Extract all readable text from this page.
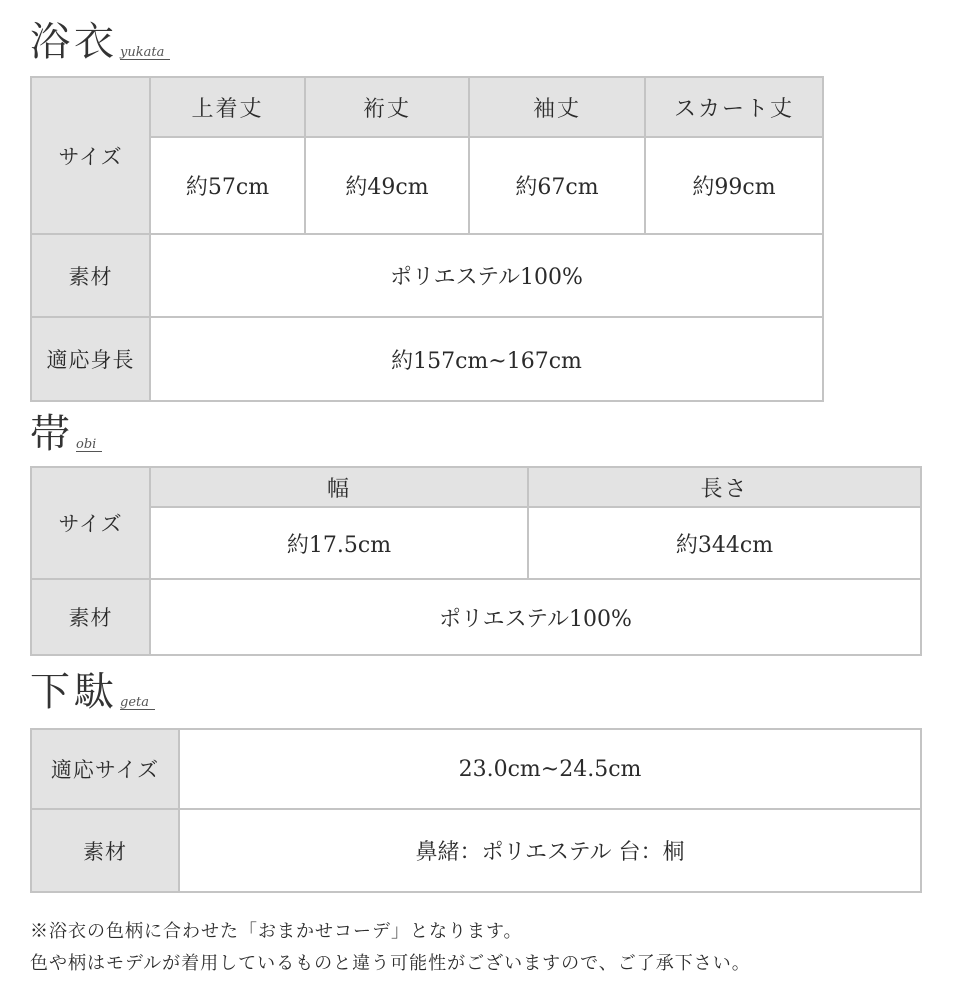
浴衣 yukata
サイズ	上着丈	裄丈	袖丈	スカート丈
	約57cm	約49cm	約67cm	約99cm
素材	ポリエステル100%			
適応身長	約157cm~167cm			
帯 obi
サイズ	幅	長さ
	約17.5cm	約344cm
素材	ポリエステル100%	
下駄 geta
適応サイズ	23.0cm~24.5cm
素材	鼻緒：ポリエステル 台：桐

※浴衣の色柄に合わせた「おまかせコーデ」となります。

色や柄はモデルが着用しているものと違う可能性がございますので、ご了承下さい。
